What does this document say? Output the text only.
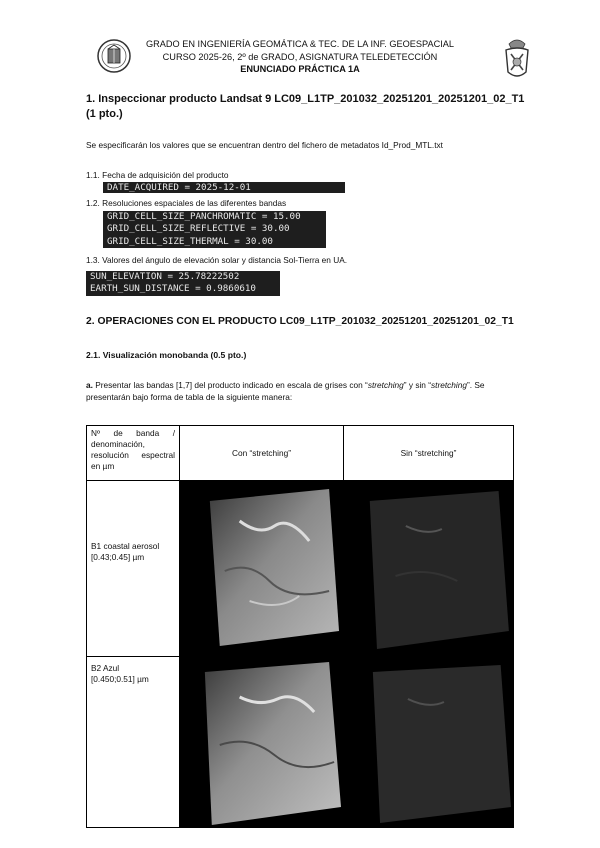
GRADO EN INGENIERÍA GEOMÁTICA & TEC. DE LA INF. GEOESPACIAL
CURSO 2025-26, 2º de GRADO, ASIGNATURA TELEDETECCIÓN
ENUNCIADO PRÁCTICA 1A
1. Inspeccionar producto Landsat 9 LC09_L1TP_201032_20251201_20251201_02_T1
(1 pto.)
Se especificarán los valores que se encuentran dentro del fichero de metadatos Id_Prod_MTL.txt
1.1. Fecha de adquisición del producto
DATE_ACQUIRED = 2025-12-01
1.2. Resoluciones espaciales de las diferentes bandas
GRID_CELL_SIZE_PANCHROMATIC = 15.00
GRID_CELL_SIZE_REFLECTIVE = 30.00
GRID_CELL_SIZE_THERMAL = 30.00
1.3. Valores del ángulo de elevación solar y distancia Sol-Tierra en UA.
SUN_ELEVATION = 25.78222502
EARTH_SUN_DISTANCE = 0.9860610
2. OPERACIONES CON EL PRODUCTO LC09_L1TP_201032_20251201_20251201_02_T1
2.1. Visualización monobanda (0.5 pto.)
a. Presentar las bandas [1,7] del producto indicado en escala de grises con “stretching” y sin “stretching”. Se presentarán bajo forma de tabla de la siguiente manera:
Nº de banda / denominación, resolución espectral en µm	Con “stretching”	Sin “stretching”

B1 coastal aerosol
[0.43;0.45] µm

B2 Azul
[0.450;0.51] µm
